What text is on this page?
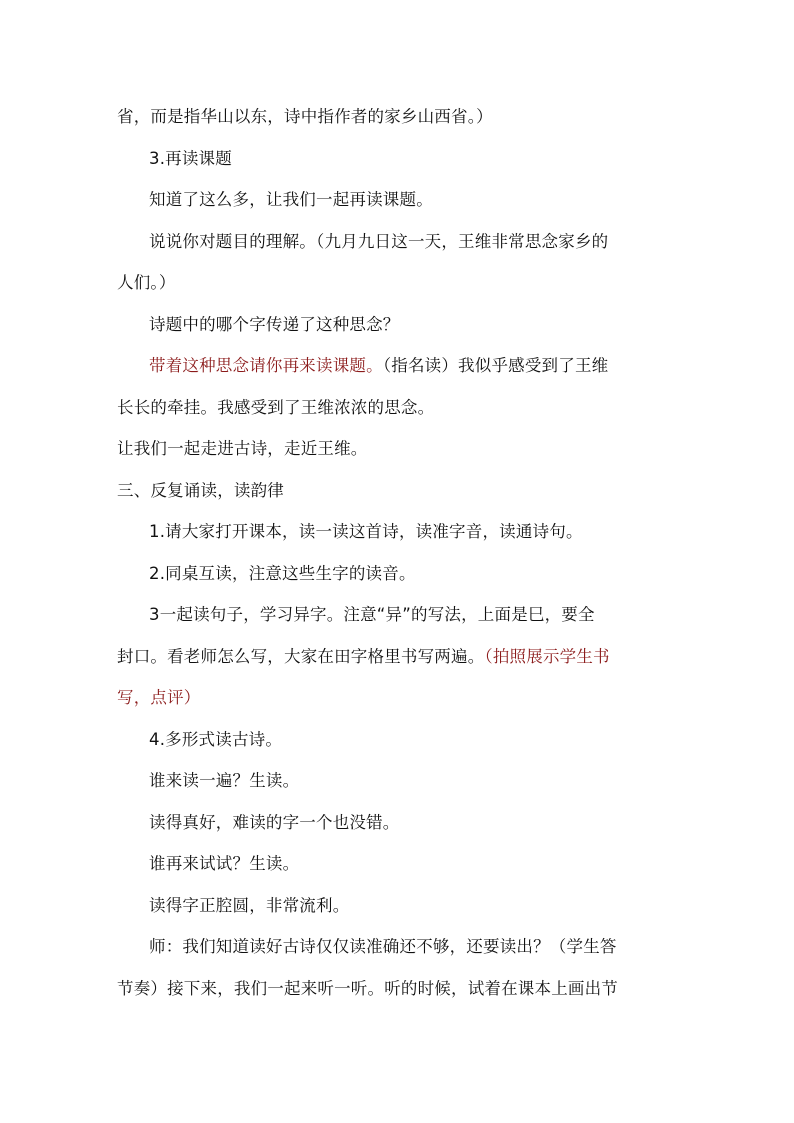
省，而是指华山以东，诗中指作者的家乡山西省。）
3.再读课题
知道了这么多，让我们一起再读课题。
说说你对题目的理解。（九月九日这一天，王维非常思念家乡的
人们。）
诗题中的哪个字传递了这种思念？
带着这种思念请你再来读课题。（指名读）我似乎感受到了王维
长长的牵挂。我感受到了王维浓浓的思念。
让我们一起走进古诗，走近王维。
三、反复诵读，读韵律
1.请大家打开课本，读一读这首诗，读准字音，读通诗句。
2.同桌互读，注意这些生字的读音。
3一起读句子，学习异字。注意“异”的写法，上面是巳，要全
封口。看老师怎么写，大家在田字格里书写两遍。（拍照展示学生书
写，点评）
4.多形式读古诗。
谁来读一遍？生读。
读得真好，难读的字一个也没错。
谁再来试试？生读。
读得字正腔圆，非常流利。
师：我们知道读好古诗仅仅读准确还不够，还要读出？（学生答
节奏）接下来，我们一起来听一听。听的时候，试着在课本上画出节
